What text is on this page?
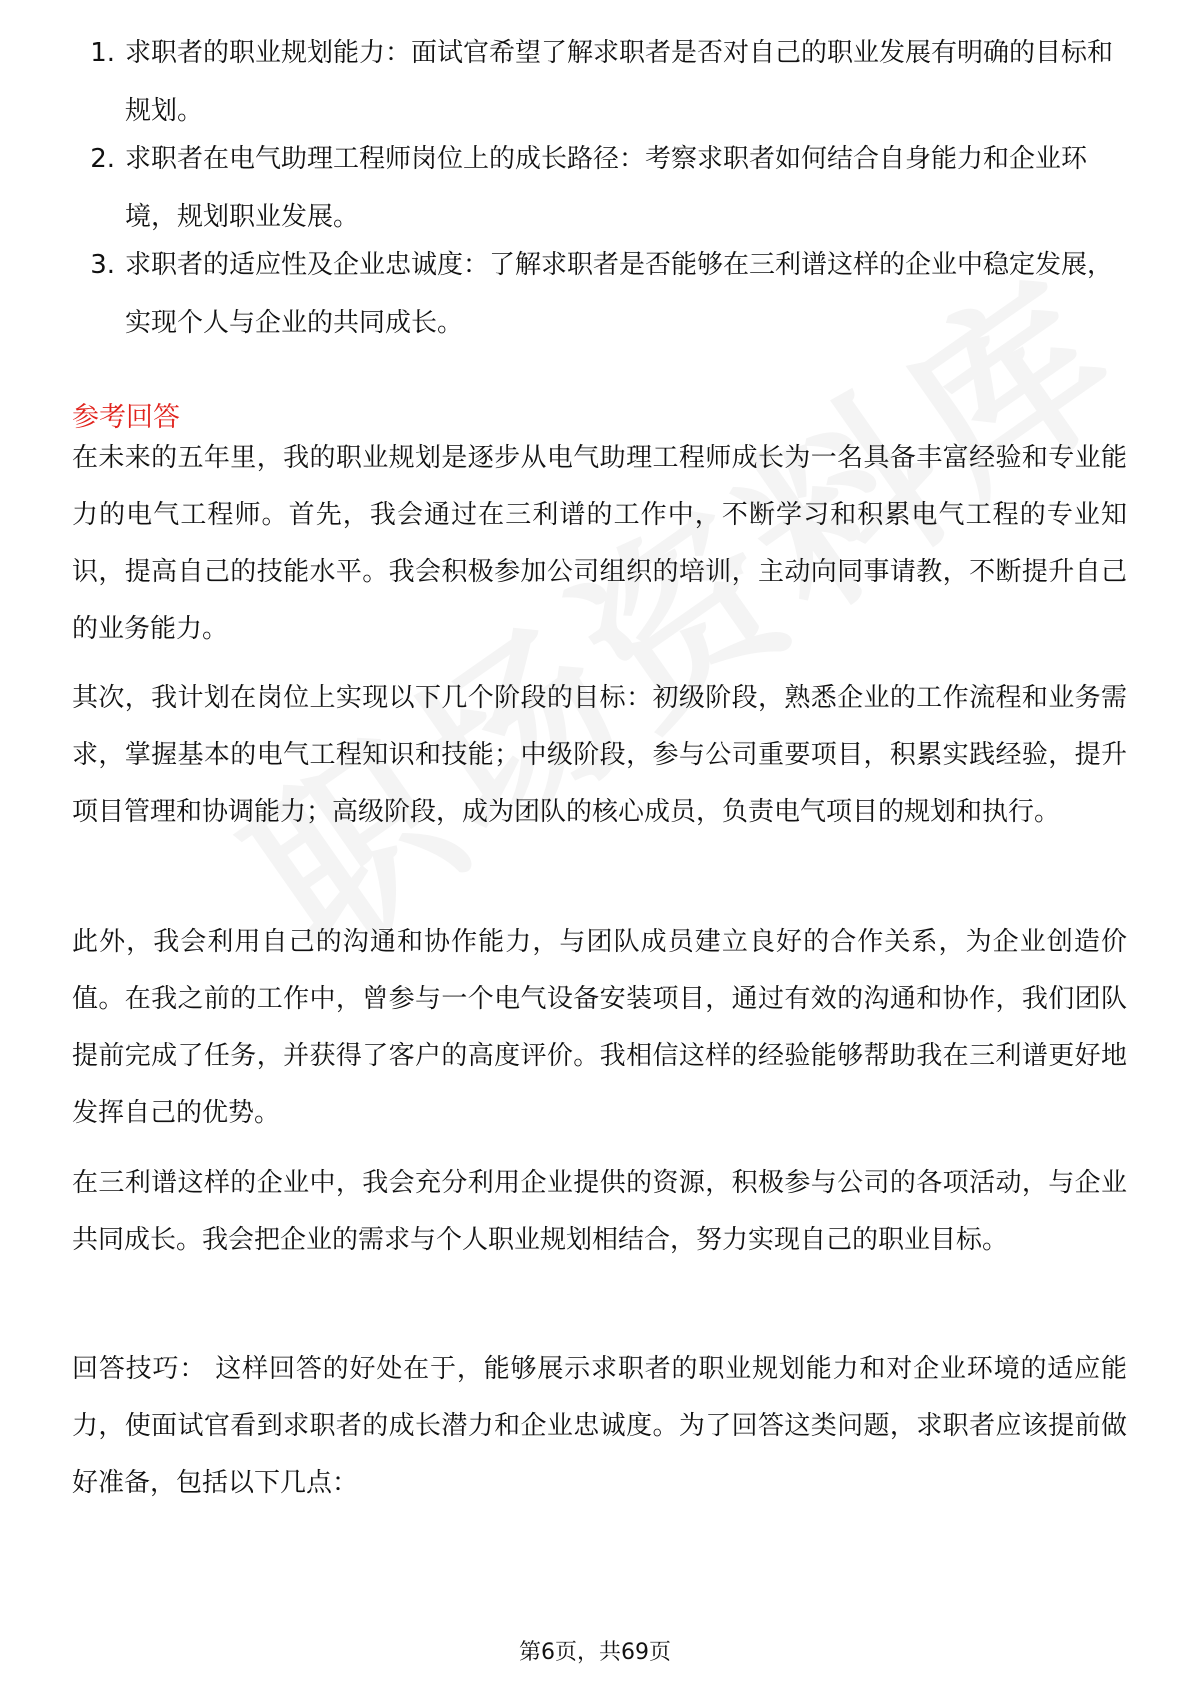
1. 求职者的职业规划能力：面试官希望了解求职者是否对自己的职业发展有明确的目标和规划。
2. 求职者在电气助理工程师岗位上的成长路径：考察求职者如何结合自身能力和企业环境，规划职业发展。
3. 求职者的适应性及企业忠诚度：了解求职者是否能够在三利谱这样的企业中稳定发展，实现个人与企业的共同成长。
参考回答
在未来的五年里，我的职业规划是逐步从电气助理工程师成长为一名具备丰富经验和专业能力的电气工程师。首先，我会通过在三利谱的工作中，不断学习和积累电气工程的专业知识，提高自己的技能水平。我会积极参加公司组织的培训，主动向同事请教，不断提升自己的业务能力。
其次，我计划在岗位上实现以下几个阶段的目标：初级阶段，熟悉企业的工作流程和业务需求，掌握基本的电气工程知识和技能；中级阶段，参与公司重要项目，积累实践经验，提升项目管理和协调能力；高级阶段，成为团队的核心成员，负责电气项目的规划和执行。
此外，我会利用自己的沟通和协作能力，与团队成员建立良好的合作关系，为企业创造价值。在我之前的工作中，曾参与一个电气设备安装项目，通过有效的沟通和协作，我们团队提前完成了任务，并获得了客户的高度评价。我相信这样的经验能够帮助我在三利谱更好地发挥自己的优势。
在三利谱这样的企业中，我会充分利用企业提供的资源，积极参与公司的各项活动，与企业共同成长。我会把企业的需求与个人职业规划相结合，努力实现自己的职业目标。
回答技巧： 这样回答的好处在于，能够展示求职者的职业规划能力和对企业环境的适应能力，使面试官看到求职者的成长潜力和企业忠诚度。为了回答这类问题，求职者应该提前做好准备，包括以下几点：
第6页，共69页
